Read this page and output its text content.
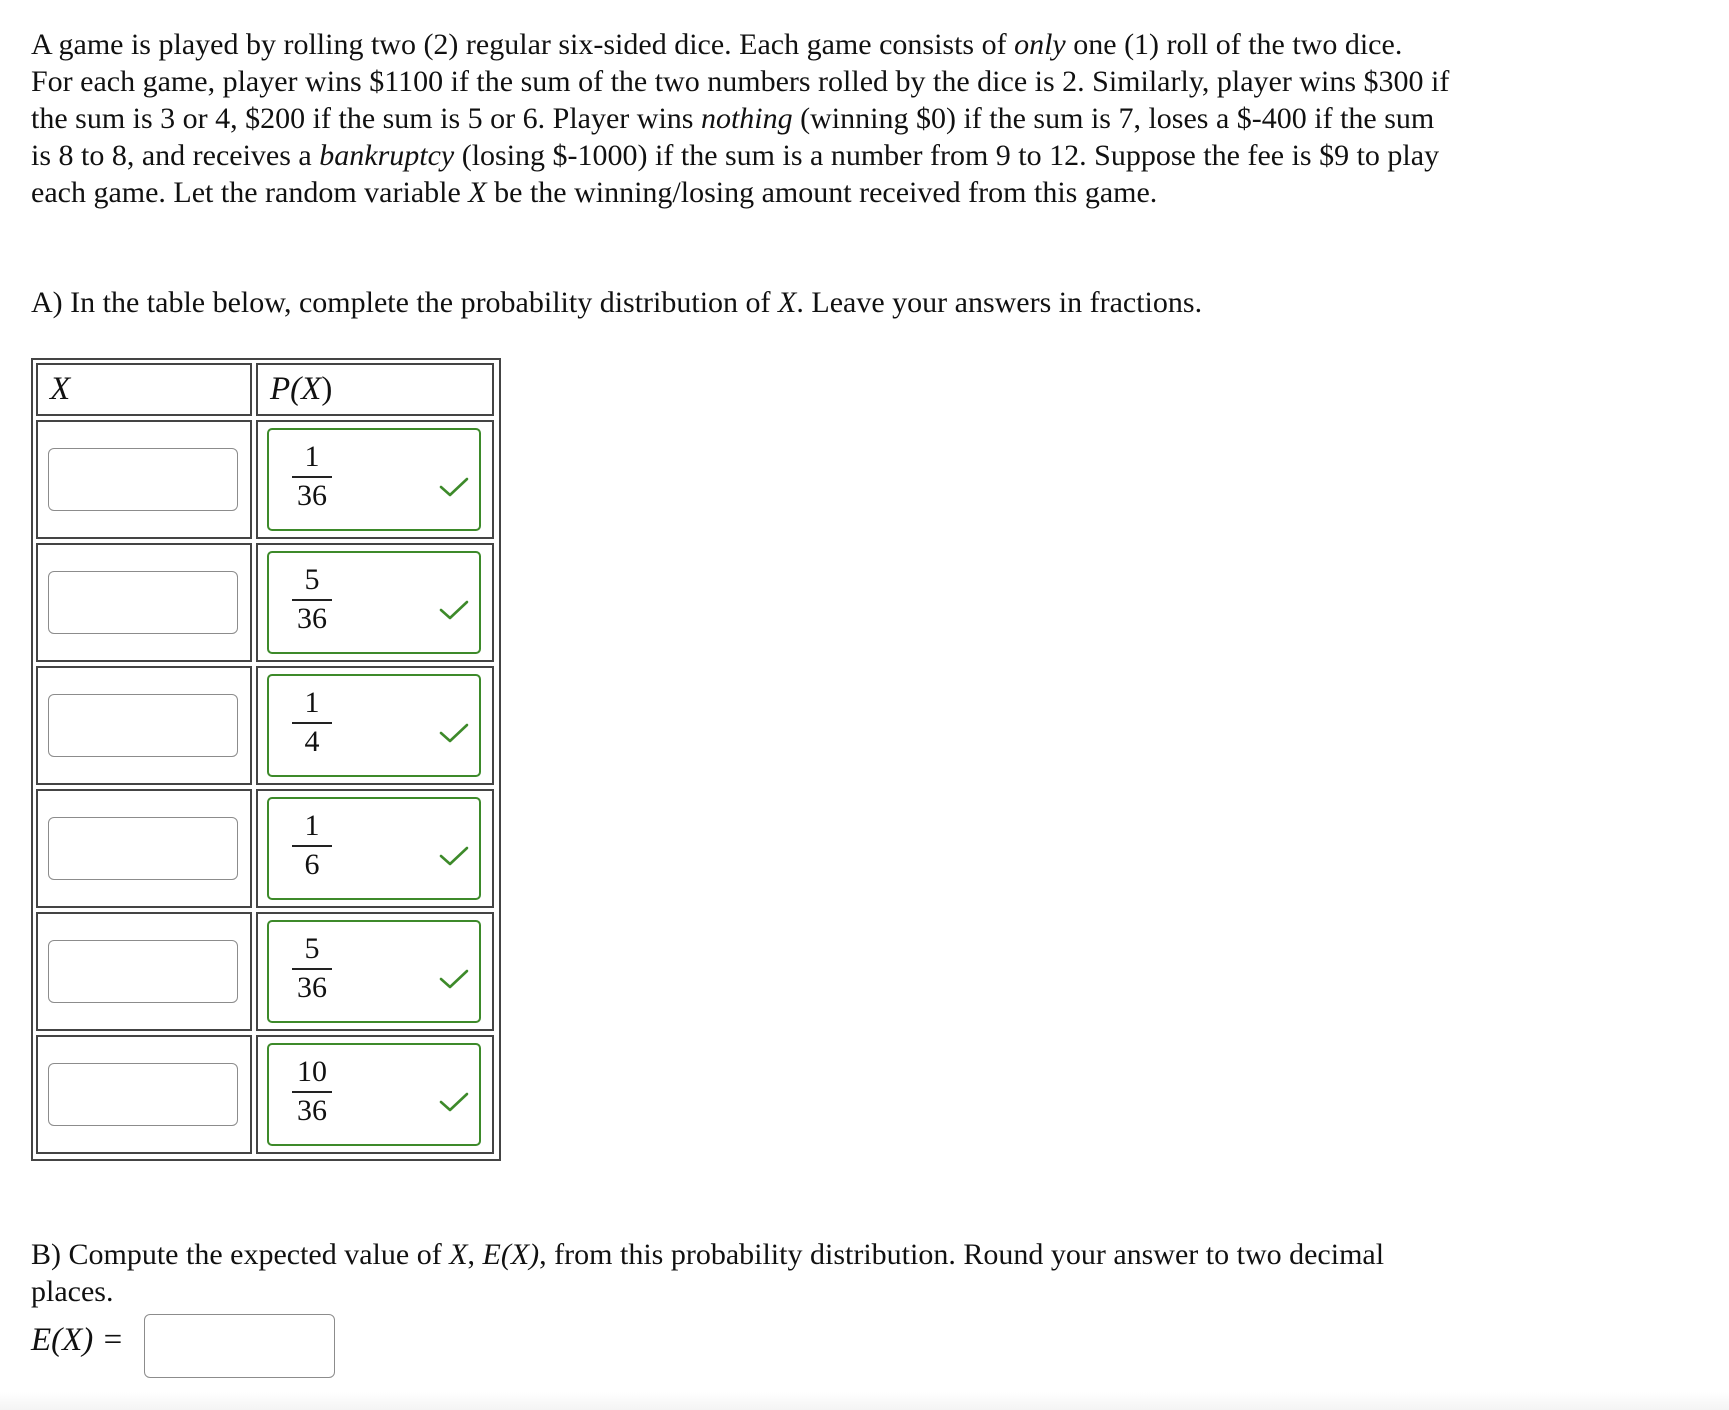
A game is played by rolling two (2) regular six-sided dice. Each game consists of only one (1) roll of the two dice. For each game, player wins $1100 if the sum of the two numbers rolled by the dice is 2. Similarly, player wins $300 if the sum is 3 or 4, $200 if the sum is 5 or 6. Player wins nothing (winning $0) if the sum is 7, loses a $-400 if the sum is 8 to 8, and receives a bankruptcy (losing $-1000) if the sum is a number from 9 to 12. Suppose the fee is $9 to play each game. Let the random variable X be the winning/losing amount received from this game.

A) In the table below, complete the probability distribution of X. Leave your answers in fractions.

X	P(X)
1
36
5
36
1
4
1
6
5
36
10
36

B) Compute the expected value of X, E(X), from this probability distribution. Round your answer to two decimal places.

E(X) =
